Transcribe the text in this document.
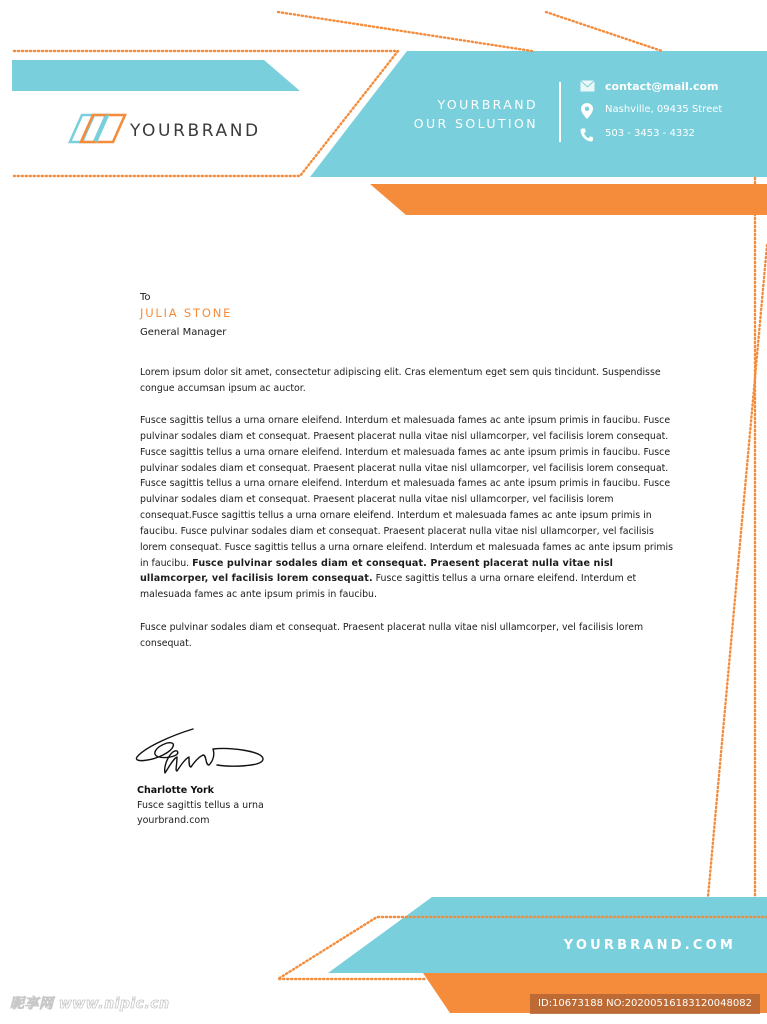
YOURBRAND
YOURBRAND
OUR SOLUTION
contact@mail.com
Nashville, 09435 Street
503 - 3453 - 4332
To
JULIA STONE
General Manager
Lorem ipsum dolor sit amet, consectetur adipiscing elit. Cras elementum eget sem quis tincidunt. Suspendisse congue accumsan ipsum ac auctor.
Fusce sagittis tellus a urna ornare eleifend. Interdum et malesuada fames ac ante ipsum primis in faucibu. Fusce pulvinar sodales diam et consequat. Praesent placerat nulla vitae nisl ullamcorper, vel facilisis lorem consequat. Fusce sagittis tellus a urna ornare eleifend. Interdum et malesuada fames ac ante ipsum primis in faucibu. Fusce pulvinar sodales diam et consequat. Praesent placerat nulla vitae nisl ullamcorper, vel facilisis lorem consequat. Fusce sagittis tellus a urna ornare eleifend. Interdum et malesuada fames ac ante ipsum primis in faucibu. Fusce pulvinar sodales diam et consequat. Praesent placerat nulla vitae nisl ullamcorper, vel facilisis lorem consequat.Fusce sagittis tellus a urna ornare eleifend. Interdum et malesuada fames ac ante ipsum primis in faucibu. Fusce pulvinar sodales diam et consequat. Praesent placerat nulla vitae nisl ullamcorper, vel facilisis lorem consequat. Fusce sagittis tellus a urna ornare eleifend. Interdum et malesuada fames ac ante ipsum primis in faucibu. Fusce pulvinar sodales diam et consequat. Praesent placerat nulla vitae nisl ullamcorper, vel facilisis lorem consequat. Fusce sagittis tellus a urna ornare eleifend. Interdum et malesuada fames ac ante ipsum primis in faucibu.
Fusce pulvinar sodales diam et consequat. Praesent placerat nulla vitae nisl ullamcorper, vel facilisis lorem consequat.
Charlotte York
Fusce sagittis tellus a urna
yourbrand.com
YOURBRAND.COM
昵享网 www.nipic.cn	ID:10673188 NO:20200516183120048082
